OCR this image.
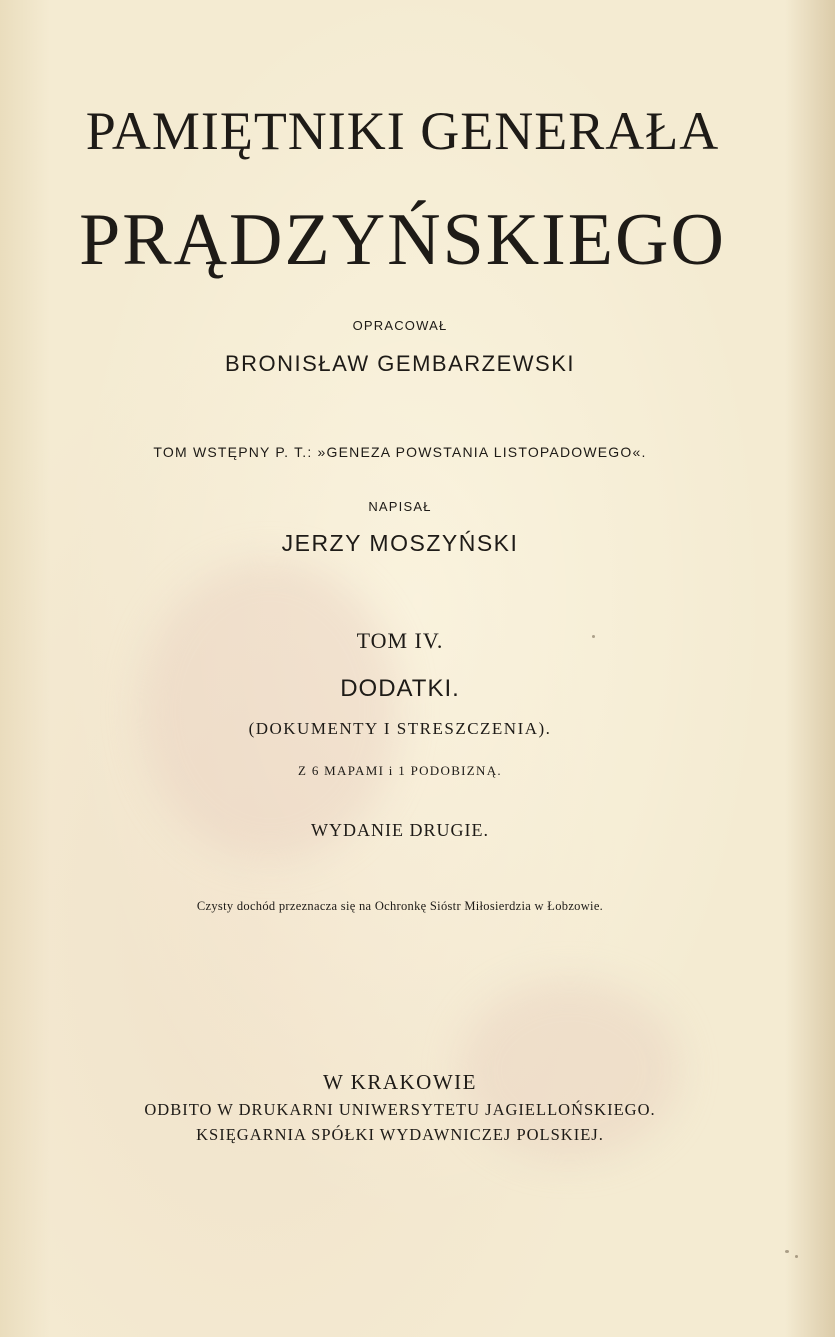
PAMIĘTNIKI GENERAŁA
PRĄDZYŃSKIEGO
OPRACOWAŁ
BRONISŁAW GEMBARZEWSKI
TOM WSTĘPNY P. T.: »GENEZA POWSTANIA LISTOPADOWEGO«.
NAPISAŁ
JERZY MOSZYŃSKI
TOM IV.
DODATKI.
(DOKUMENTY I STRESZCZENIA).
Z 6 MAPAMI i 1 PODOBIZNĄ.
WYDANIE DRUGIE.
Czysty dochód przeznacza się na Ochronkę Sióstr Miłosierdzia w Łobzowie.
W KRAKOWIE
ODBITO W DRUKARNI UNIWERSYTETU JAGIELLOŃSKIEGO.
KSIĘGARNIA SPÓŁKI WYDAWNICZEJ POLSKIEJ.
